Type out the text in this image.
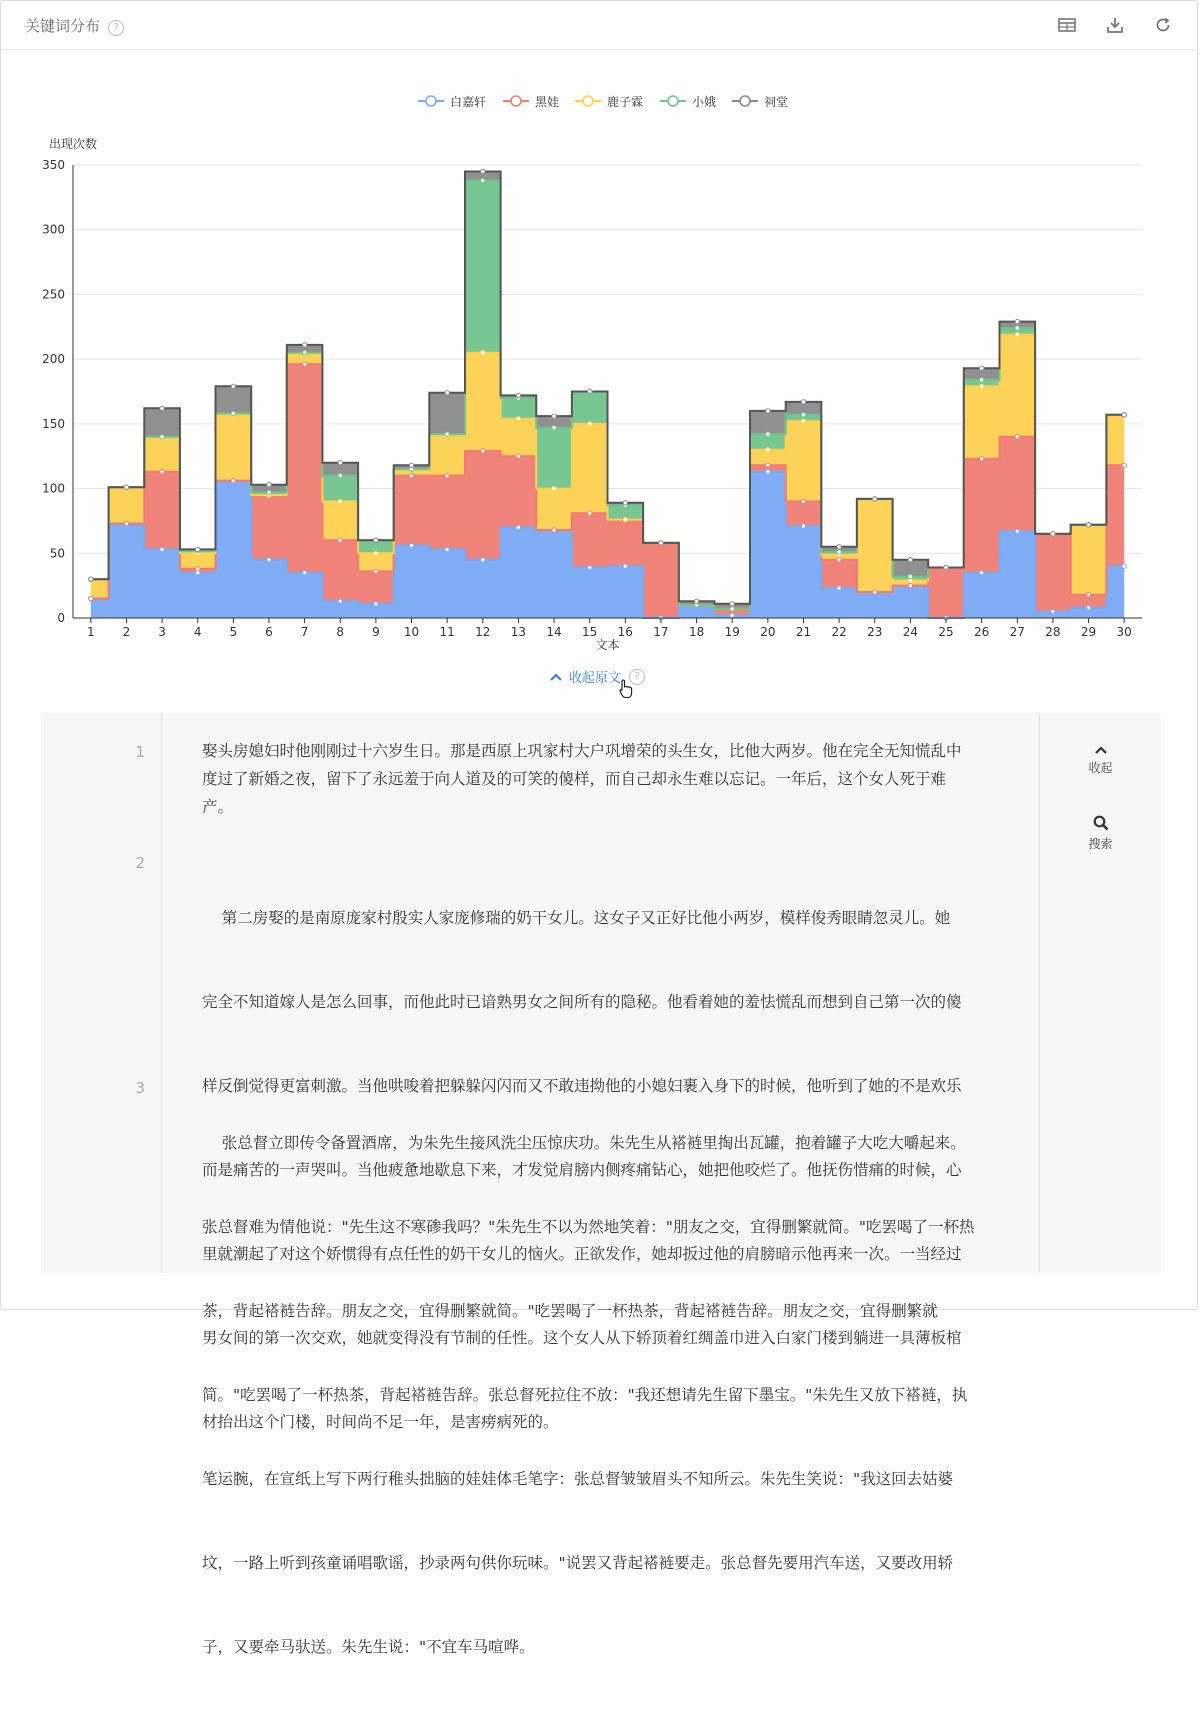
关键词分布 ?
0
50
100
150
200
250
300
350
1 2 3 4 5 6 7 8 9 10 11 12 13 14 15 16 17 18 19 20 21 22 23 24 25 26 27 28 29 30
文本
出现次数
白嘉轩	黑娃	鹿子霖	小娥	祠堂
收起原文	?
1
2
3
娶头房媳妇时他刚刚过十六岁生日。那是西原上巩家村大户巩增荣的头生女，比他大两岁。他在完全无知慌乱中
度过了新婚之夜，留下了永远羞于向人道及的可笑的傻样，而自己却永生难以忘记。一年后，这个女人死于难
产。

第二房娶的是南原庞家村殷实人家庞修瑞的奶干女儿。这女子又正好比他小两岁，模样俊秀眼睛忽灵儿。她

完全不知道嫁人是怎么回事，而他此时已谙熟男女之间所有的隐秘。他看着她的羞怯慌乱而想到自己第一次的傻

样反倒觉得更富刺激。当他哄唆着把躲躲闪闪而又不敢违拗他的小媳妇裹入身下的时候，他听到了她的不是欢乐

而是痛苦的一声哭叫。当他疲惫地歇息下来，才发觉肩膀内侧疼痛钻心，她把他咬烂了。他抚伤惜痛的时候，心

里就潮起了对这个娇惯得有点任性的奶干女儿的恼火。正欲发作，她却扳过他的肩膀暗示他再来一次。一当经过

男女间的第一次交欢，她就变得没有节制的任性。这个女人从下轿顶着红绸盖巾进入白家门楼到躺进一具薄板棺

材抬出这个门楼，时间尚不足一年，是害痨病死的。

张总督立即传令备置酒席，为朱先生接风洗尘压惊庆功。朱先生从褡裢里掏出瓦罐，抱着罐子大吃大嚼起来。

张总督难为情他说："先生这不寒碜我吗？"朱先生不以为然地笑着："朋友之交，宜得删繁就简。"吃罢喝了一杯热

茶，背起褡裢告辞。朋友之交，宜得删繁就简。"吃罢喝了一杯热茶，背起褡裢告辞。朋友之交，宜得删繁就

简。"吃罢喝了一杯热茶，背起褡裢告辞。张总督死拉住不放："我还想请先生留下墨宝。"朱先生又放下褡裢，执

笔运腕，在宣纸上写下两行稚头拙脑的娃娃体毛笔字：张总督皱皱眉头不知所云。朱先生笑说："我这回去姑婆

坟，一路上听到孩童诵唱歌谣，抄录两句供你玩味。"说罢又背起褡裢要走。张总督先要用汽车送，又要改用轿

子，又要牵马驮送。朱先生说："不宜车马喧哗。

收起
搜索
